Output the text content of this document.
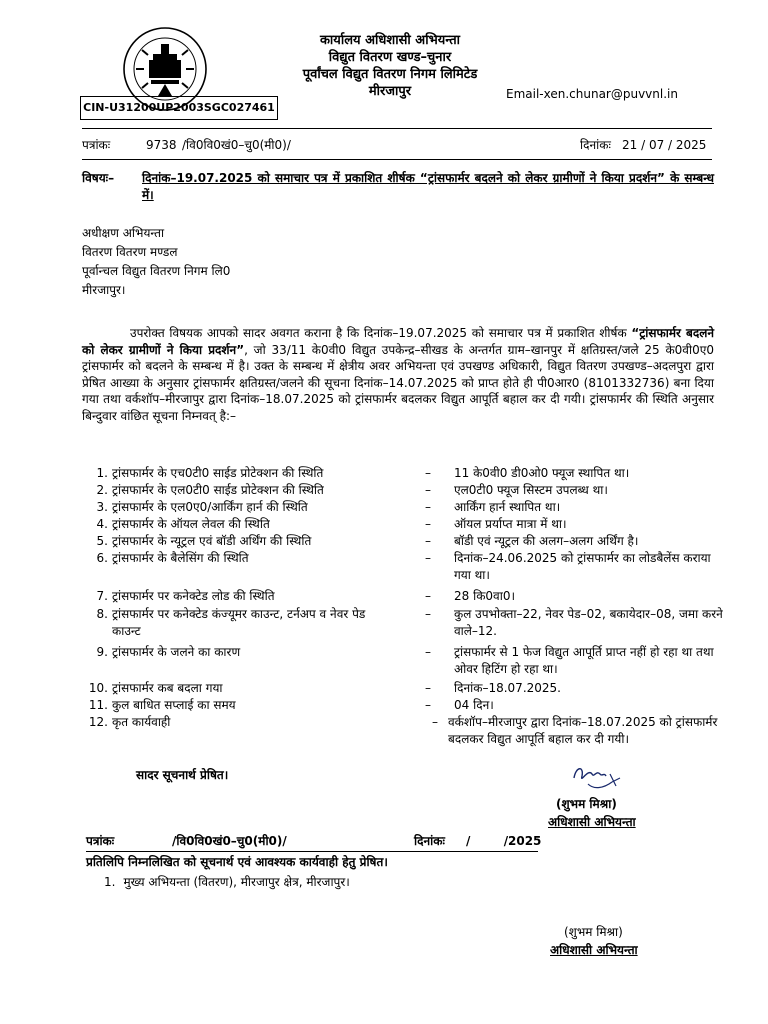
कार्यालय अधिशासी अभियन्ता
विद्युत वितरण खण्ड–चुनार
पूर्वांचल विद्युत वितरण निगम लिमिटेड
मीरजापुर	Email-xen.chunar@puvvnl.in
CIN-U31200UP2003SGC027461
पत्रांकः	9738 /वि0वि0खं0–चु0(मी0)/	दिनांकः 21 / 07 / 2025
विषयः– दिनांक–19.07.2025 को समाचार पत्र में प्रकाशित शीर्षक “ट्रांसफार्मर बदलने को लेकर ग्रामीणों ने किया प्रदर्शन” के सम्बन्ध में।
अधीक्षण अभियन्ता
वितरण वितरण मण्डल
पूर्वान्चल विद्युत वितरण निगम लि0
मीरजापुर।
उपरोक्त विषयक आपको सादर अवगत कराना है कि दिनांक–19.07.2025 को समाचार पत्र में प्रकाशित शीर्षक “ट्रांसफार्मर बदलने को लेकर ग्रामीणों ने किया प्रदर्शन”, जो 33/11 के0वी0 विद्युत उपकेन्द्र–सीखड के अन्तर्गत ग्राम–खानपुर में क्षतिग्रस्त/जले 25 के0वी0ए0 ट्रांसफार्मर को बदलने के सम्बन्ध में है। उक्त के सम्बन्ध में क्षेत्रीय अवर अभियन्ता एवं उपखण्ड अधिकारी, विद्युत वितरण उपखण्ड–अदलपुरा द्वारा प्रेषित आख्या के अनुसार ट्रांसफार्मर क्षतिग्रस्त/जलने की सूचना दिनांक–14.07.2025 को प्राप्त होते ही पी0आर0 (8101332736) बना दिया गया तथा वर्कशॉप–मीरजापुर द्वारा दिनांक–18.07.2025 को ट्रांसफार्मर बदलकर विद्युत आपूर्ति बहाल कर दी गयी। ट्रांसफार्मर की स्थिति अनुसार बिन्दुवार वांछित सूचना निम्नवत् है:–
1. ट्रांसफार्मर के एच0टी0 साईड प्रोटेक्शन की स्थिति	– 11 के0वी0 डी0ओ0 फ्यूज स्थापित था।
2. ट्रांसफार्मर के एल0टी0 साईड प्रोटेक्शन की स्थिति	– एल0टी0 फ्यूज सिस्टम उपलब्ध था।
3. ट्रांसफार्मर के एल0ए0/आर्किंग हार्न की स्थिति	– आर्किंग हार्न स्थापित था।
4. ट्रांसफार्मर के ऑयल लेवल की स्थिति	– ऑयल प्रर्याप्त मात्रा में था।
5. ट्रांसफार्मर के न्यूट्रल एवं बॉडी अर्थिंग की स्थिति	– बॉडी एवं न्यूट्रल की अलग–अलग अर्थिंग है।
6. ट्रांसफार्मर के बैलेसिंग की स्थिति	– दिनांक–24.06.2025 को ट्रांसफार्मर का लोडबैलेंस कराया गया था।
7. ट्रांसफार्मर पर कनेक्टेड लोड की स्थिति	– 28 कि0वा0।
8. ट्रांसफार्मर पर कनेक्टेड कंज्यूमर काउन्ट, टर्नअप व नेवर पेड काउन्ट
– कुल उपभोक्ता–22, नेवर पेड–02, बकायेदार–08, जमा करने वाले–12.
9. ट्रांसफार्मर के जलने का कारण	– ट्रांसफार्मर से 1 फेज विद्युत आपूर्ति प्राप्त नहीं हो रहा था तथा ओवर हिटिंग हो रहा था।
10. ट्रांसफार्मर कब बदला गया	– दिनांक–18.07.2025.
11. कुल बाधित सप्लाई का समय	– 04 दिन।
12. कृत कार्यवाही	– वर्कशॉप–मीरजापुर द्वारा दिनांक–18.07.2025 को ट्रांसफार्मर बदलकर विद्युत आपूर्ति बहाल कर दी गयी।
सादर सूचनार्थ प्रेषित।
(शुभम मिश्रा)
अधिशासी अभियन्ता
पत्रांकः	/वि0वि0खं0–चु0(मी0)/	दिनांकः /        / 2025
प्रतिलिपि निम्नलिखित को सूचनार्थ एवं आवश्यक कार्यवाही हेतु प्रेषित।
1. मुख्य अभियन्ता (वितरण), मीरजापुर क्षेत्र, मीरजापुर।
(शुभम मिश्रा)
अधिशासी अभियन्ता
